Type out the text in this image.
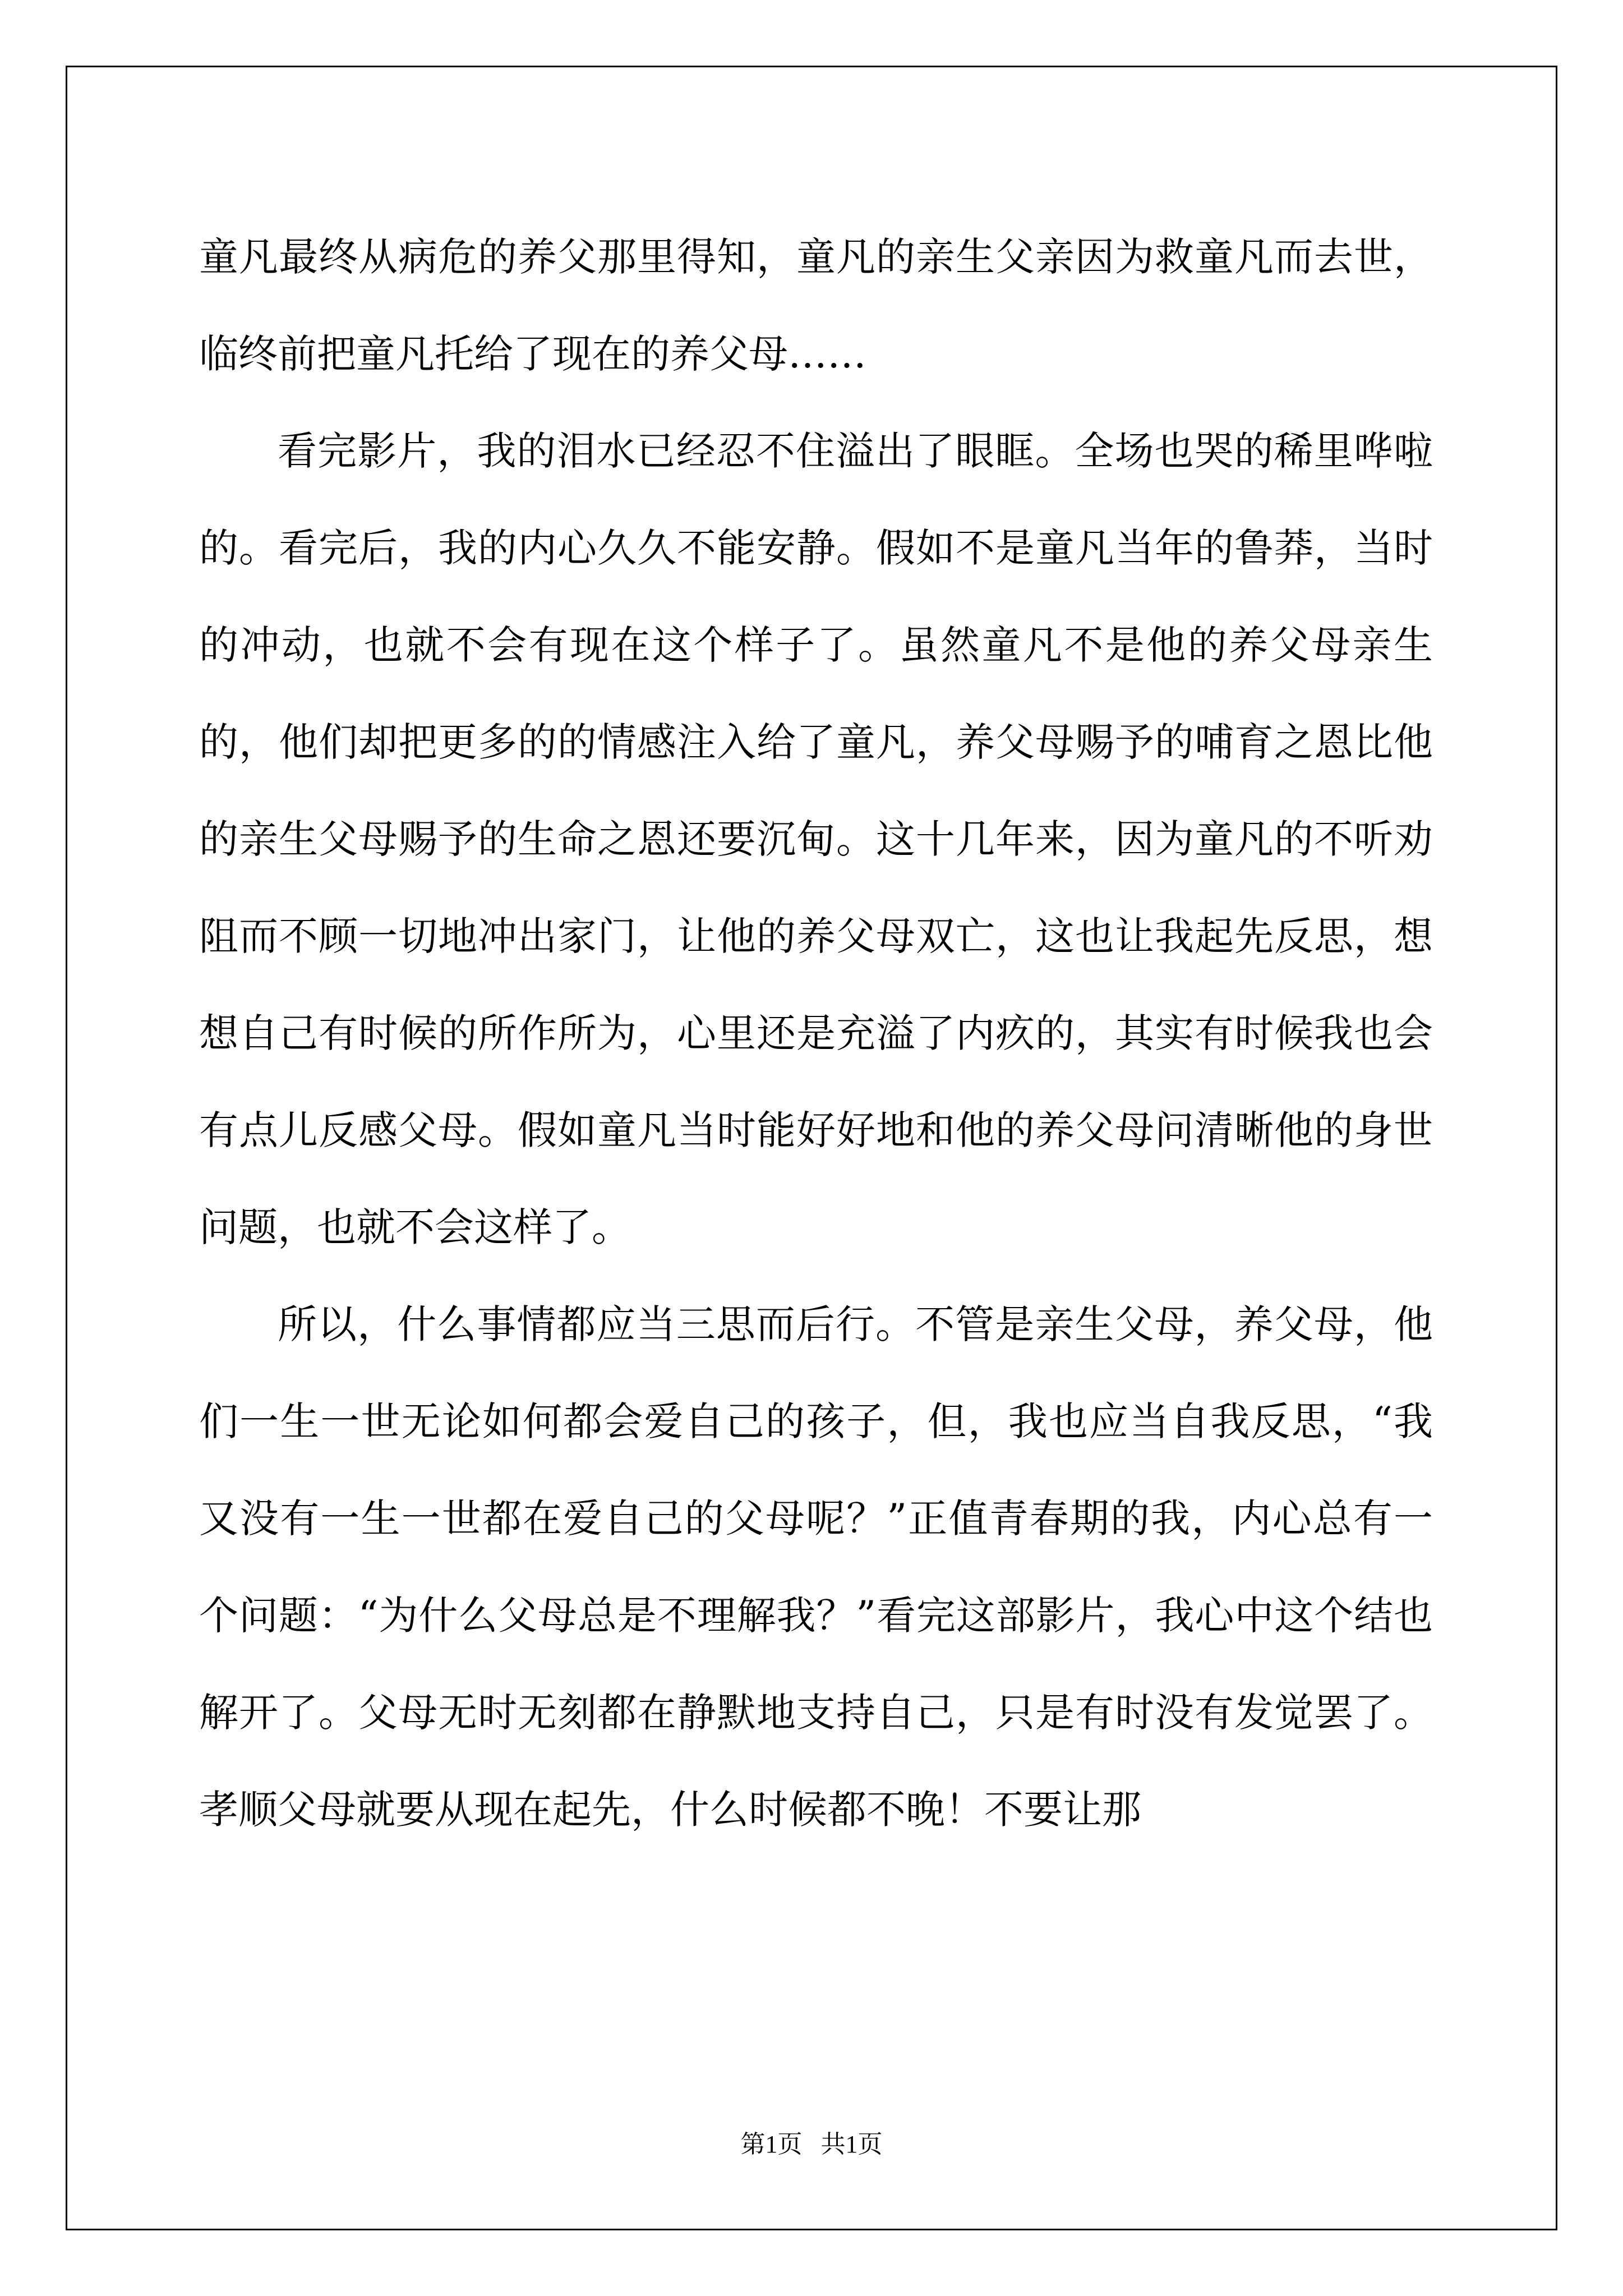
童凡最终从病危的养父那里得知，童凡的亲生父亲因为救童凡而去世，临终前把童凡托给了现在的养父母……

看完影片，我的泪水已经忍不住溢出了眼眶。全场也哭的稀里哗啦的。看完后，我的内心久久不能安静。假如不是童凡当年的鲁莽，当时的冲动，也就不会有现在这个样子了。虽然童凡不是他的养父母亲生的，他们却把更多的的情感注入给了童凡，养父母赐予的哺育之恩比他的亲生父母赐予的生命之恩还要沉甸。这十几年来，因为童凡的不听劝阻而不顾一切地冲出家门，让他的养父母双亡，这也让我起先反思，想想自己有时候的所作所为，心里还是充溢了内疚的，其实有时候我也会有点儿反感父母。假如童凡当时能好好地和他的养父母问清晰他的身世问题，也就不会这样了。

所以，什么事情都应当三思而后行。不管是亲生父母，养父母，他们一生一世无论如何都会爱自己的孩子，但，我也应当自我反思，“我又没有一生一世都在爱自己的父母呢？”正值青春期的我，内心总有一个问题：“为什么父母总是不理解我？”看完这部影片，我心中这个结也解开了。父母无时无刻都在静默地支持自己，只是有时没有发觉罢了。孝顺父母就要从现在起先，什么时候都不晚！不要让那

第1页   共1页
